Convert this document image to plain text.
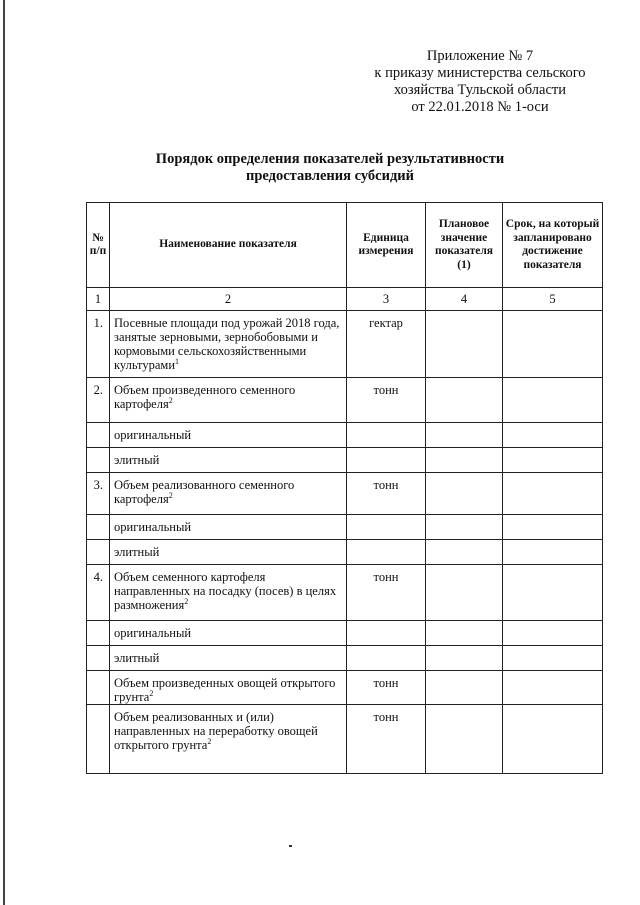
Приложение № 7
к приказу министерства сельского
хозяйства Тульской области
от 22.01.2018 № 1-оси
Порядок определения показателей результативности
предоставления субсидий
№ п/п	Наименование показателя	Единица измерения	Плановое значение показателя (1)	Срок, на который запланировано достижение показателя
1	2	3	4	5
1.	Посевные площади под урожай 2018 года, занятые зерновыми, зернобобовыми и кормовыми сельскохозяйственными культурами$^1$	гектар		
2.	Объем произведенного семенного картофеля$^2$	тонн		
	оригинальный			
	элитный			
3.	Объем реализованного семенного картофеля$^2$	тонн		
	оригинальный			
	элитный			
4.	Объем семенного картофеля направленных на посадку (посев) в целях размножения$^2$	тонн		
	оригинальный			
	элитный			
	Объем произведенных овощей открытого грунта$^2$	тонн		
	Объем реализованных и (или) направленных на переработку овощей открытого грунта$^2$	тонн		
